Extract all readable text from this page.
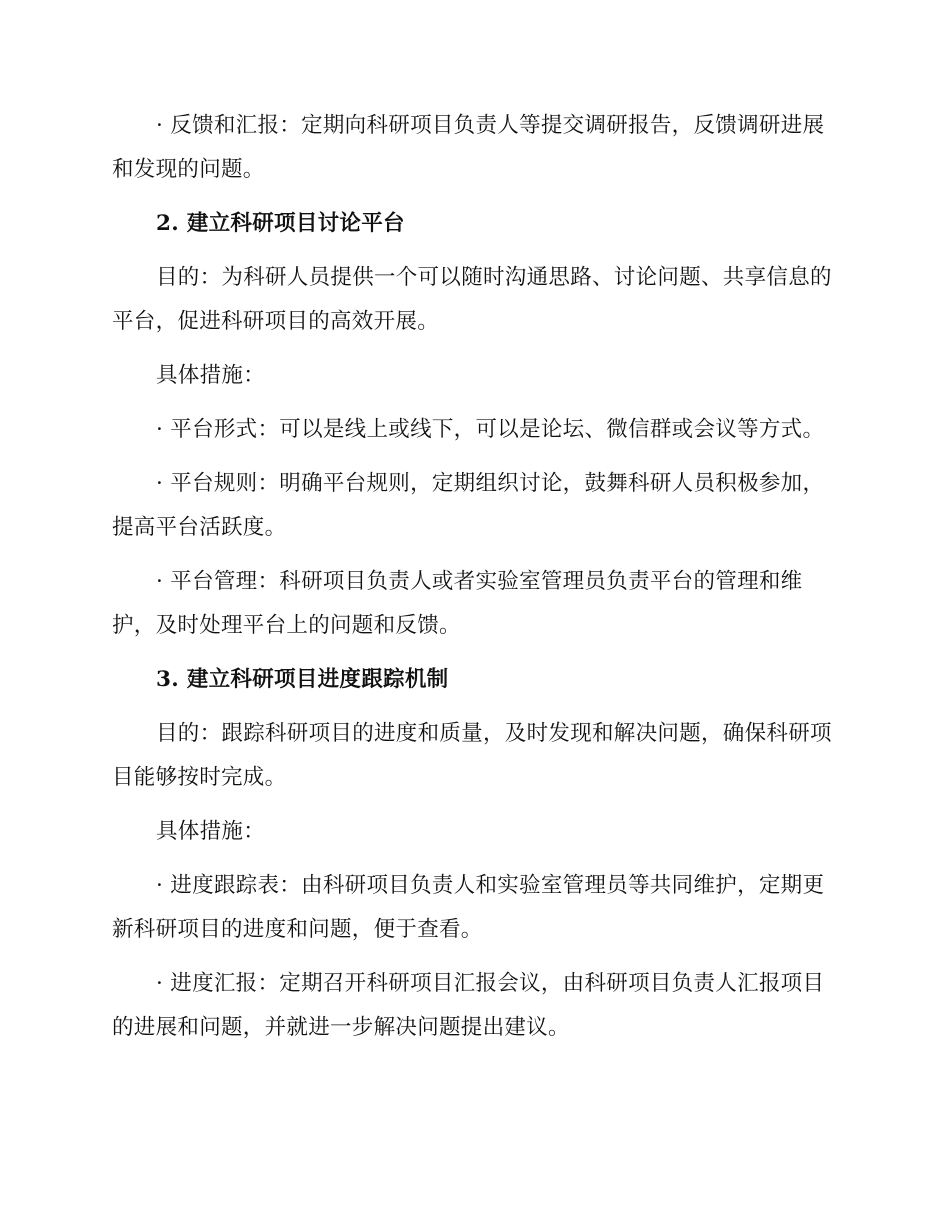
· 反馈和汇报：定期向科研项目负责人等提交调研报告，反馈调研进展和发现的问题。

2. 建立科研项目讨论平台

目的：为科研人员提供一个可以随时沟通思路、讨论问题、共享信息的平台，促进科研项目的高效开展。

具体措施：

· 平台形式：可以是线上或线下，可以是论坛、微信群或会议等方式。

· 平台规则：明确平台规则，定期组织讨论，鼓舞科研人员积极参加，提高平台活跃度。

· 平台管理：科研项目负责人或者实验室管理员负责平台的管理和维护，及时处理平台上的问题和反馈。

3. 建立科研项目进度跟踪机制

目的：跟踪科研项目的进度和质量，及时发现和解决问题，确保科研项目能够按时完成。

具体措施：

· 进度跟踪表：由科研项目负责人和实验室管理员等共同维护，定期更新科研项目的进度和问题，便于查看。

· 进度汇报：定期召开科研项目汇报会议，由科研项目负责人汇报项目的进展和问题，并就进一步解决问题提出建议。
